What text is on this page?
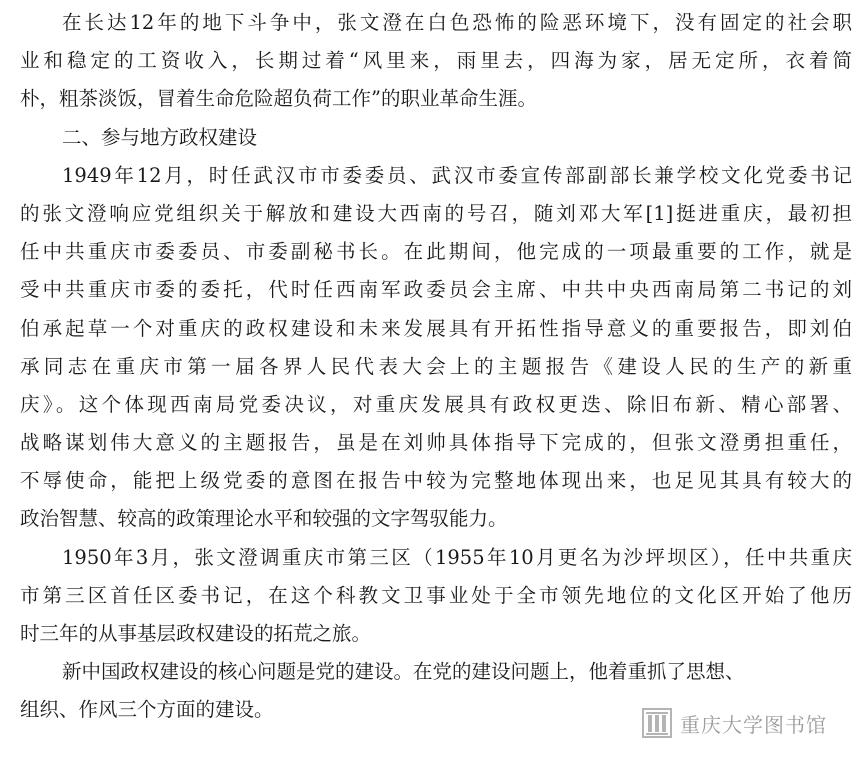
在长达12年的地下斗争中，张文澄在白色恐怖的险恶环境下，没有固定的社会职
业和稳定的工资收入，长期过着“风里来，雨里去，四海为家，居无定所，衣着简
朴，粗茶淡饭，冒着生命危险超负荷工作”的职业革命生涯。
二、参与地方政权建设
1949年12月，时任武汉市市委委员、武汉市委宣传部副部长兼学校文化党委书记
的张文澄响应党组织关于解放和建设大西南的号召，随刘邓大军[1]挺进重庆，最初担
任中共重庆市委委员、市委副秘书长。在此期间，他完成的一项最重要的工作，就是
受中共重庆市委的委托，代时任西南军政委员会主席、中共中央西南局第二书记的刘
伯承起草一个对重庆的政权建设和未来发展具有开拓性指导意义的重要报告，即刘伯
承同志在重庆市第一届各界人民代表大会上的主题报告《建设人民的生产的新重
庆》。这个体现西南局党委决议，对重庆发展具有政权更迭、除旧布新、精心部署、
战略谋划伟大意义的主题报告，虽是在刘帅具体指导下完成的，但张文澄勇担重任，
不辱使命，能把上级党委的意图在报告中较为完整地体现出来，也足见其具有较大的
政治智慧、较高的政策理论水平和较强的文字驾驭能力。
1950年3月，张文澄调重庆市第三区（1955年10月更名为沙坪坝区），任中共重庆
市第三区首任区委书记，在这个科教文卫事业处于全市领先地位的文化区开始了他历
时三年的从事基层政权建设的拓荒之旅。
新中国政权建设的核心问题是党的建设。在党的建设问题上，他着重抓了思想、
组织、作风三个方面的建设。
重庆大学图书馆
